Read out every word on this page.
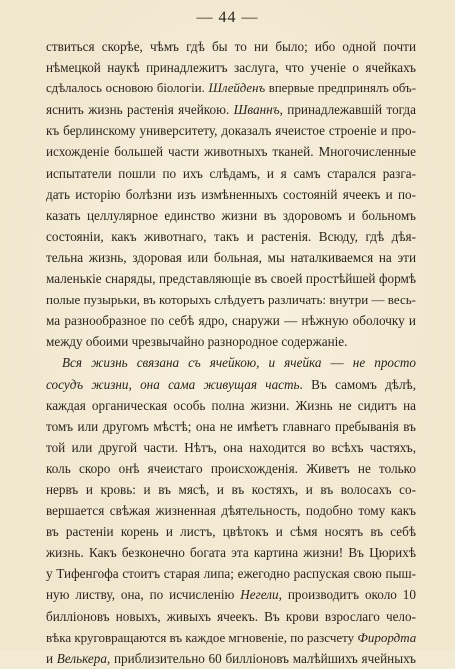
— 44 —
ствиться скорѣе, чѣмъ гдѣ бы то ни было; ибо одной почти
нѣмецкой наукѣ принадлежитъ заслуга, что ученіе о ячейкахъ
сдѣлалось основою біологіи. Шлейденъ впервые предпринялъ объ-
яснить жизнь растенія ячейкою. Шваннъ, принадлежавшій тогда
къ берлинскому университету, доказалъ ячеистое строеніе и про-
исхожденіе большей части животныхъ тканей. Многочисленные
испытатели пошли по ихъ слѣдамъ, и я самъ старался разга-
дать исторію болѣзни изъ измѣненныхъ состояній ячеекъ и по-
казать целлулярное единство жизни въ здоровомъ и больномъ
состояніи, какъ животнаго, такъ и растенія. Всюду, гдѣ дѣя-
тельна жизнь, здоровая или больная, мы наталкиваемся на эти
маленькіе снаряды, представляющіе въ своей простѣйшей формѣ
полые пузырьки, въ которыхъ слѣдуетъ различать: внутри — весь-
ма разнообразное по себѣ ядро, снаружи — нѣжную оболочку и
между обоими чрезвычайно разнородное содержаніе.
Вся жизнь связана съ ячейкою, и ячейка — не просто
сосудъ жизни, она сама живущая часть. Въ самомъ дѣлѣ,
каждая органическая особь полна жизни. Жизнь не сидитъ на
томъ или другомъ мѣстѣ; она не имѣетъ главнаго пребыванія въ
той или другой части. Нѣтъ, она находится во всѣхъ частяхъ,
коль скоро онѣ ячеистаго происхожденія. Живетъ не только
нервъ и кровь: и въ мясѣ, и въ костяхъ, и въ волосахъ со-
вершается свѣжая жизненная дѣятельность, подобно тому какъ
въ растеніи корень и листъ, цвѣтокъ и сѣмя носятъ въ себѣ
жизнь. Какъ безконечно богата эта картина жизни! Въ Цюрихѣ
у Тифенгофа стоитъ старая липа; ежегодно распуская свою пыш-
ную листву, она, по исчисленію Негели, производитъ около 10
билліоновъ новыхъ, живыхъ ячеекъ. Въ крови взрослаго чело-
вѣка круговращаются въ каждое мгновеніе, по разсчету Фирордта
и Велькера, приблизительно 60 билліоновъ малѣйшихъ ячейныхъ
